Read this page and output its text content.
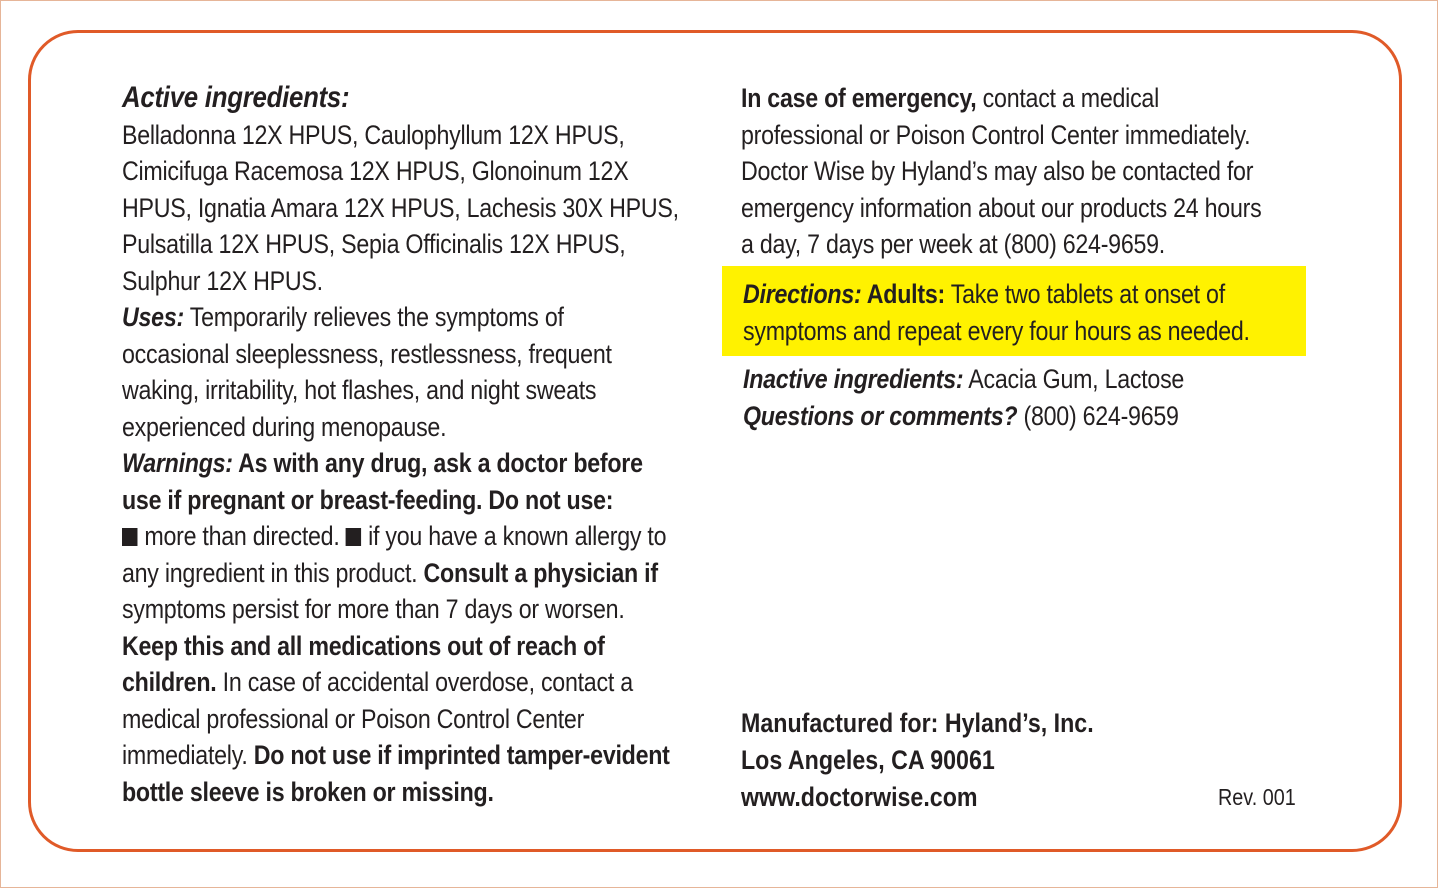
Active ingredients:
Belladonna 12X HPUS, Caulophyllum 12X HPUS,
Cimicifuga Racemosa 12X HPUS, Glonoinum 12X
HPUS, Ignatia Amara 12X HPUS, Lachesis 30X HPUS,
Pulsatilla 12X HPUS, Sepia Officinalis 12X HPUS,
Sulphur 12X HPUS.
Uses: Temporarily relieves the symptoms of
occasional sleeplessness, restlessness, frequent
waking, irritability, hot flashes, and night sweats
experienced during menopause.
Warnings: As with any drug, ask a doctor before
use if pregnant or breast-feeding. Do not use:
more than directed. if you have a known allergy to
any ingredient in this product. Consult a physician if
symptoms persist for more than 7 days or worsen.
Keep this and all medications out of reach of
children. In case of accidental overdose, contact a
medical professional or Poison Control Center
immediately. Do not use if imprinted tamper-evident
bottle sleeve is broken or missing.
In case of emergency, contact a medical
professional or Poison Control Center immediately.
Doctor Wise by Hyland’s may also be contacted for
emergency information about our products 24 hours
a day, 7 days per week at (800) 624-9659.
Directions: Adults: Take two tablets at onset of
symptoms and repeat every four hours as needed.
Inactive ingredients: Acacia Gum, Lactose
Questions or comments? (800) 624-9659
Manufactured for: Hyland’s, Inc.
Los Angeles, CA 90061
www.doctorwise.com	Rev. 001
